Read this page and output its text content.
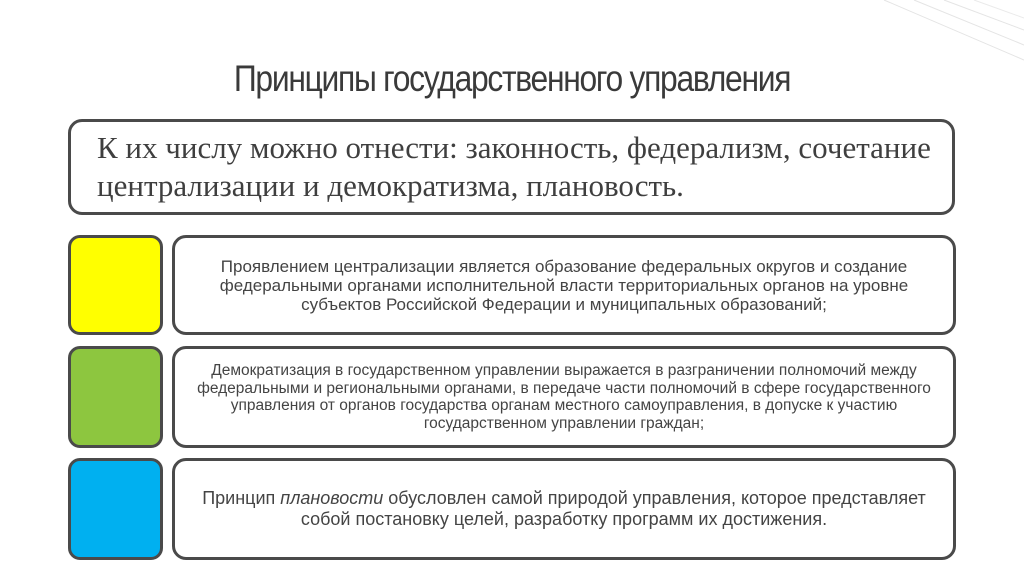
Принципы государственного управления
К их числу можно отнести: законность, федерализм, сочетание централизации и демократизма, плановость.
Проявлением централизации является образование федеральных округов и создание федеральными органами исполнительной власти территориальных органов на уровне субъектов Российской Федерации и муниципальных образований;
Демократизация в государственном управлении выражается в разграничении полномочий между федеральными и региональными органами, в передаче части полномочий в сфере государственного управления от органов государства органам местного самоуправления, в допуске к участию государственном управлении граждан;
Принцип плановости обусловлен самой природой управления, которое представляет собой постановку целей, разработку программ их достижения.
